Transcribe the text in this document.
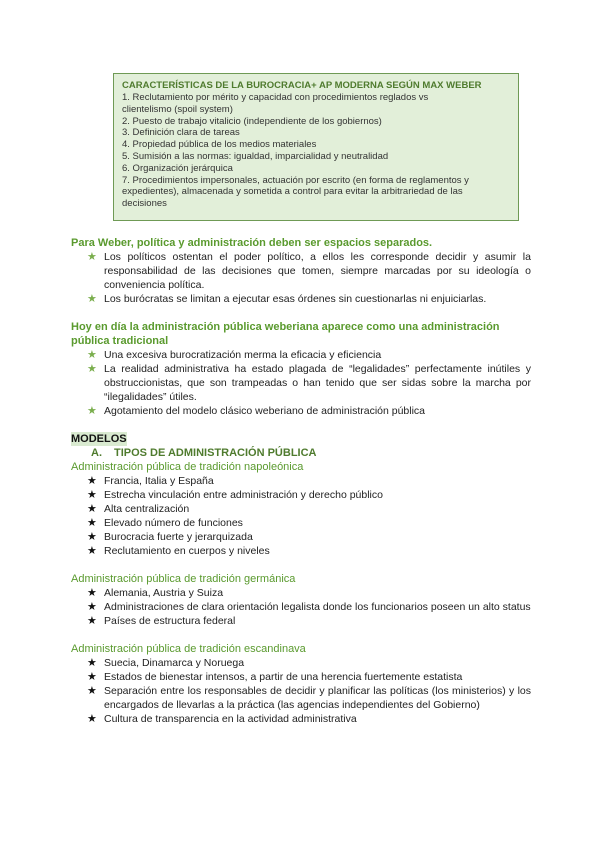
CARACTERÍSTICAS DE LA BUROCRACIA+ AP MODERNA SEGÚN MAX WEBER
1. Reclutamiento por mérito y capacidad con procedimientos reglados vs
clientelismo (spoil system)
2. Puesto de trabajo vitalicio (independiente de los gobiernos)
3. Definición clara de tareas
4. Propiedad pública de los medios materiales
5. Sumisión a las normas: igualdad, imparcialidad y neutralidad
6. Organización jerárquica
7. Procedimientos impersonales, actuación por escrito (en forma de reglamentos y
expedientes), almacenada y sometida a control para evitar la arbitrariedad de las
decisiones
Para Weber, política y administración deben ser espacios separados.
★ Los políticos ostentan el poder político, a ellos les corresponde decidir y asumir la responsabilidad de las decisiones que tomen, siempre marcadas por su ideología o conveniencia política.
★ Los burócratas se limitan a ejecutar esas órdenes sin cuestionarlas ni enjuiciarlas.
Hoy en día la administración pública weberiana aparece como una administración pública tradicional
★ Una excesiva burocratización merma la eficacia y eficiencia
★ La realidad administrativa ha estado plagada de “legalidades” perfectamente inútiles y obstruccionistas, que son trampeadas o han tenido que ser sidas sobre la marcha por “ilegalidades” útiles.
★ Agotamiento del modelo clásico weberiano de administración pública
MODELOS
A. TIPOS DE ADMINISTRACIÓN PÚBLICA
Administración pública de tradición napoleónica
★ Francia, Italia y España
★ Estrecha vinculación entre administración y derecho público
★ Alta centralización
★ Elevado número de funciones
★ Burocracia fuerte y jerarquizada
★ Reclutamiento en cuerpos y niveles
Administración pública de tradición germánica
★ Alemania, Austria y Suiza
★ Administraciones de clara orientación legalista donde los funcionarios poseen un alto status
★ Países de estructura federal
Administración pública de tradición escandinava
★ Suecia, Dinamarca y Noruega
★ Estados de bienestar intensos, a partir de una herencia fuertemente estatista
★ Separación entre los responsables de decidir y planificar las políticas (los ministerios) y los encargados de llevarlas a la práctica (las agencias independientes del Gobierno)
★ Cultura de transparencia en la actividad administrativa
